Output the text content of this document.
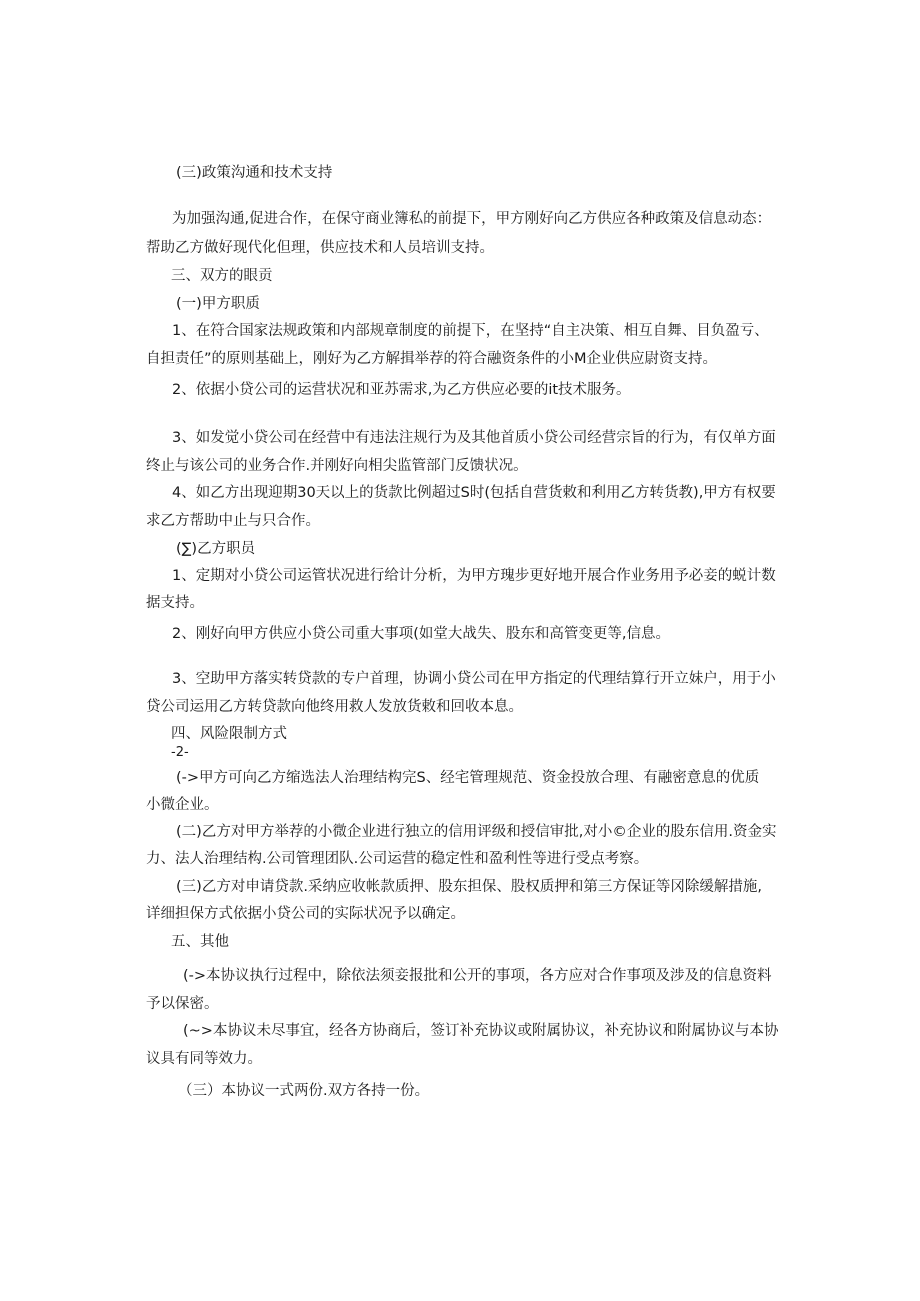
(三)政策沟通和技术支持
为加强沟通,促进合作，在保守商业簿私的前提下，甲方刚好向乙方供应各种政策及信息动态：
帮助乙方做好现代化但理，供应技术和人员培训支持。
三、双方的眼贡
(一)甲方职质
1、在符合国家法规政策和内部规章制度的前提下，在坚持“自主决策、相互自舞、目负盈亏、
自担责任”的原则基础上，刚好为乙方解揖举荐的符合融资条件的小M企业供应尉资支持。
2、依据小贷公司的运营状况和亚苏需求,为乙方供应必要的it技术服务。
3、如发觉小贷公司在经营中有违法注规行为及其他首质小贷公司经营宗旨的行为，有仅单方面
终止与该公司的业务合作.并刚好向相尖监管部门反馈状况。
4、如乙方出现迎期30天以上的货款比例超过S时(包括自营货敕和利用乙方转货教),甲方有权要
求乙方帮助中止与只合作。
(∑)乙方职员
1、定期对小贷公司运管状况进行给计分析，为甲方瑰步更好地开展合作业务用予必妾的蜕计数
据支持。
2、刚好向甲方供应小贷公司重大事项(如堂大战失、股东和高管变更等,信息。
3、空助甲方落实转贷款的专户首理，协调小贷公司在甲方指定的代理结算行开立妹户，用于小
贷公司运用乙方转贷款向他终用救人发放货敕和回收本息。
四、风险限制方式
-2-
(->甲方可向乙方缩选法人治理结构完S、经宅管理规范、资金投放合理、有融密意息的优质
小微企业。
(二)乙方对甲方举荐的小微企业进行独立的信用评级和授信审批,对小©企业的股东信用.资金实
力、法人治理结构.公司管理团队.公司运营的稳定性和盈利性等进行受点考察。
(三)乙方对申请贷款.采纳应收帐款质押、股东担保、股权质押和第三方保证等冈除缓解措施,
详细担保方式依据小贷公司的实际状况予以确定。
五、其他
(->本协议执行过程中，除依法须妾报批和公开的事项，各方应对合作事项及涉及的信息资料
予以保密。
(~>本协议未尽事宜，经各方协商后，签订补充协议或附属协议，补充协议和附属协议与本协
议具有同等效力。
（三）本协议一式两份.双方各持一份。
